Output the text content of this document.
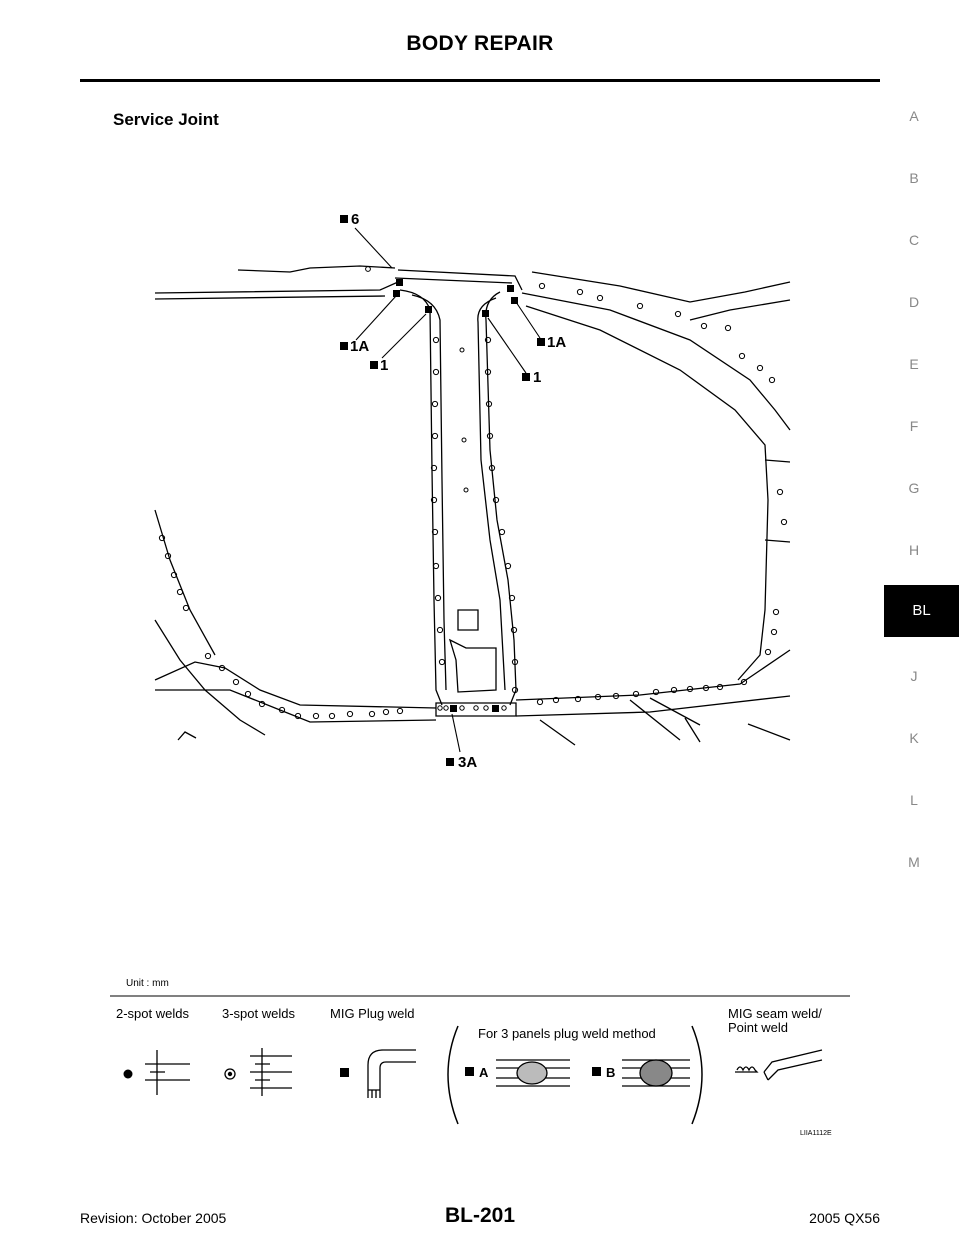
BODY REPAIR
Service Joint	A
B
C
D
E
F
G
H
BL
J
K
L
M
6
1A
1
1A
1
3A
Unit : mm
2-spot welds	3-spot welds	MIG Plug weld
For 3 panels plug weld method
MIG seam weld/
Point weld
A	B
LIIA1112E
Revision: October 2005	BL-201	2005 QX56
